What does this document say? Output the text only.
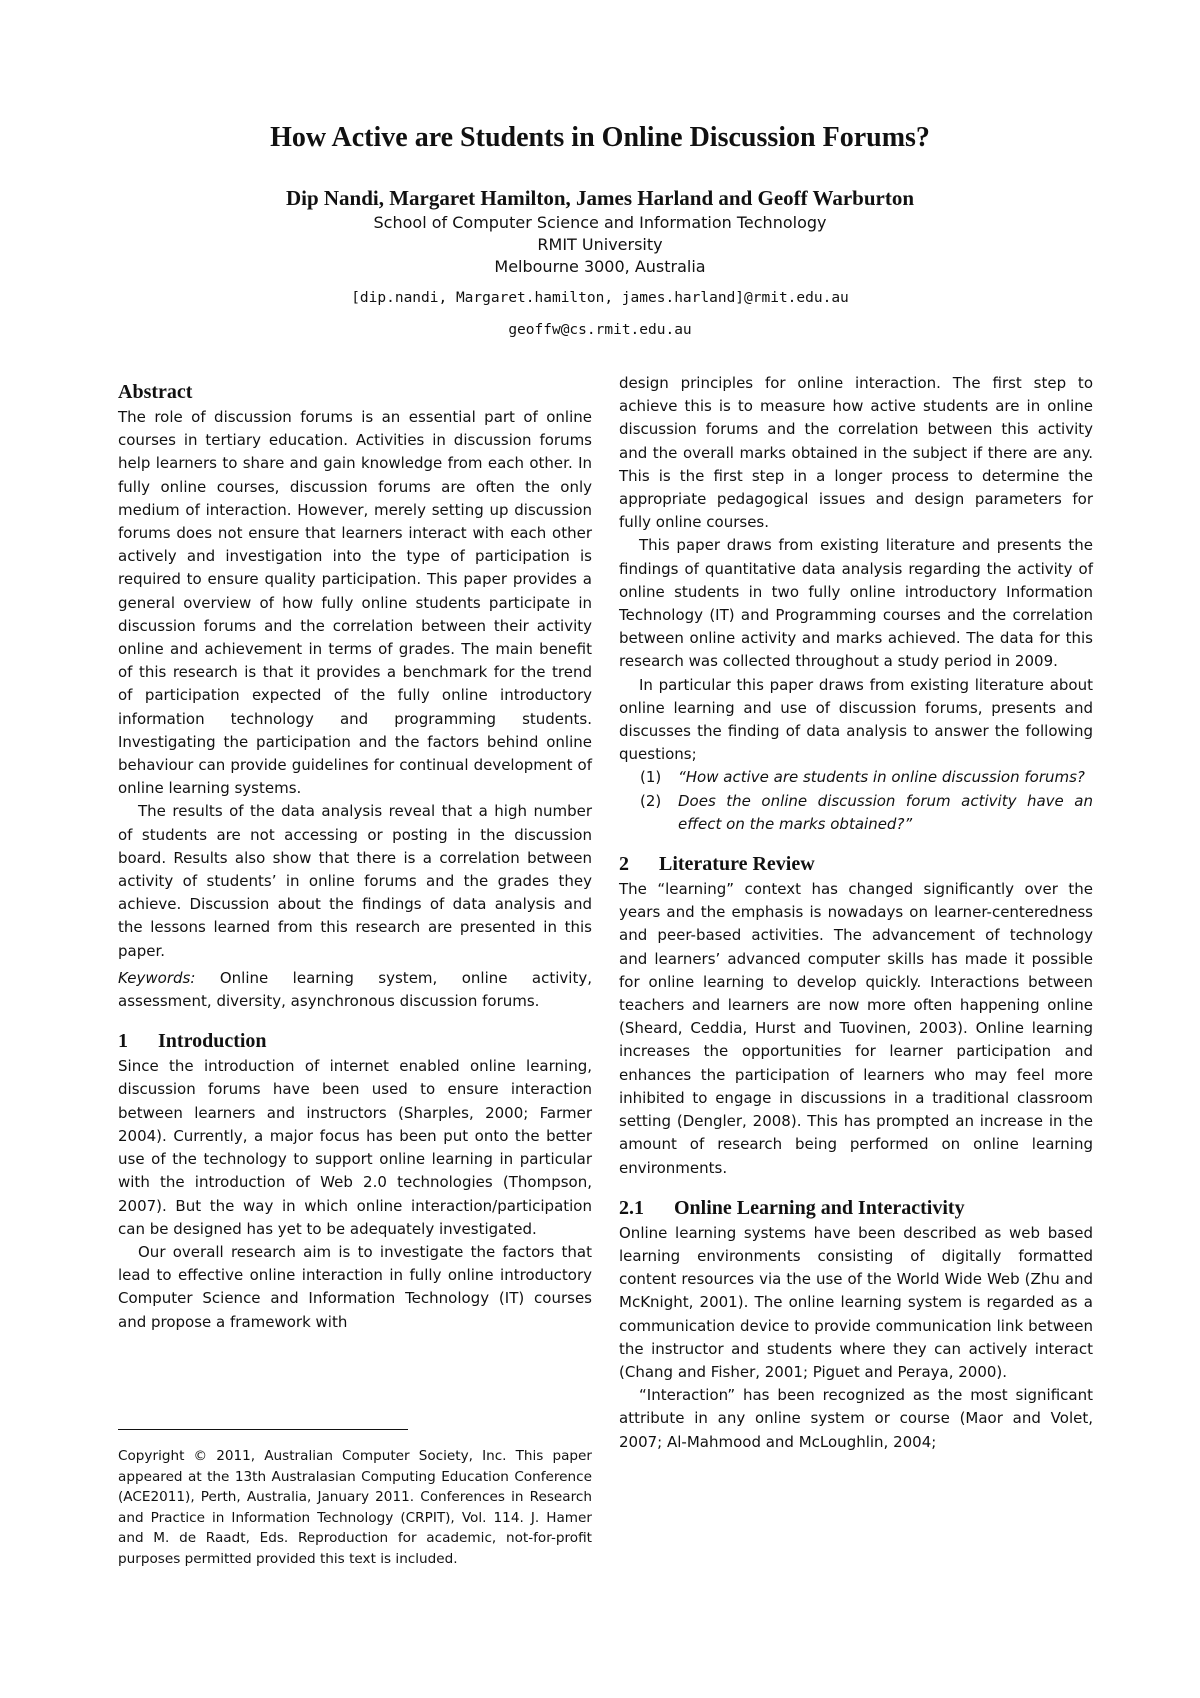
How Active are Students in Online Discussion Forums?
Dip Nandi, Margaret Hamilton, James Harland and Geoff Warburton
School of Computer Science and Information Technology
RMIT University
Melbourne 3000, Australia
[dip.nandi, Margaret.hamilton, james.harland]@rmit.edu.au
geoffw@cs.rmit.edu.au
Abstract

The role of discussion forums is an essential part of online courses in tertiary education. Activities in discussion forums help learners to share and gain knowledge from each other. In fully online courses, discussion forums are often the only medium of interaction. However, merely setting up discussion forums does not ensure that learners interact with each other actively and investigation into the type of participation is required to ensure quality participation. This paper provides a general overview of how fully online students participate in discussion forums and the correlation between their activity online and achievement in terms of grades. The main benefit of this research is that it provides a benchmark for the trend of participation expected of the fully online introductory information technology and programming students. Investigating the participation and the factors behind online behaviour can provide guidelines for continual development of online learning systems.

The results of the data analysis reveal that a high number of students are not accessing or posting in the discussion board. Results also show that there is a correlation between activity of students’ in online forums and the grades they achieve. Discussion about the findings of data analysis and the lessons learned from this research are presented in this paper.

Keywords: Online learning system, online activity, assessment, diversity, asynchronous discussion forums.

1 Introduction

Since the introduction of internet enabled online learning, discussion forums have been used to ensure interaction between learners and instructors (Sharples, 2000; Farmer 2004). Currently, a major focus has been put onto the better use of the technology to support online learning in particular with the introduction of Web 2.0 technologies (Thompson, 2007). But the way in which online interaction/participation can be designed has yet to be adequately investigated.

Our overall research aim is to investigate the factors that lead to effective online interaction in fully online introductory Computer Science and Information Technology (IT) courses and propose a framework with

Copyright © 2011, Australian Computer Society, Inc. This paper appeared at the 13th Australasian Computing Education Conference (ACE2011), Perth, Australia, January 2011. Conferences in Research and Practice in Information Technology (CRPIT), Vol. 114. J. Hamer and M. de Raadt, Eds. Reproduction for academic, not-for-profit purposes permitted provided this text is included.

design principles for online interaction. The first step to achieve this is to measure how active students are in online discussion forums and the correlation between this activity and the overall marks obtained in the subject if there are any. This is the first step in a longer process to determine the appropriate pedagogical issues and design parameters for fully online courses.

This paper draws from existing literature and presents the findings of quantitative data analysis regarding the activity of online students in two fully online introductory Information Technology (IT) and Programming courses and the correlation between online activity and marks achieved. The data for this research was collected throughout a study period in 2009.

In particular this paper draws from existing literature about online learning and use of discussion forums, presents and discusses the finding of data analysis to answer the following questions;

(1) “How active are students in online discussion forums?
(2) Does the online discussion forum activity have an effect on the marks obtained?”
2 Literature Review

The “learning” context has changed significantly over the years and the emphasis is nowadays on learner-centeredness and peer-based activities. The advancement of technology and learners’ advanced computer skills has made it possible for online learning to develop quickly. Interactions between teachers and learners are now more often happening online (Sheard, Ceddia, Hurst and Tuovinen, 2003). Online learning increases the opportunities for learner participation and enhances the participation of learners who may feel more inhibited to engage in discussions in a traditional classroom setting (Dengler, 2008). This has prompted an increase in the amount of research being performed on online learning environments.

2.1 Online Learning and Interactivity

Online learning systems have been described as web based learning environments consisting of digitally formatted content resources via the use of the World Wide Web (Zhu and McKnight, 2001). The online learning system is regarded as a communication device to provide communication link between the instructor and students where they can actively interact (Chang and Fisher, 2001; Piguet and Peraya, 2000).

“Interaction” has been recognized as the most significant attribute in any online system or course (Maor and Volet, 2007; Al-Mahmood and McLoughlin, 2004;
